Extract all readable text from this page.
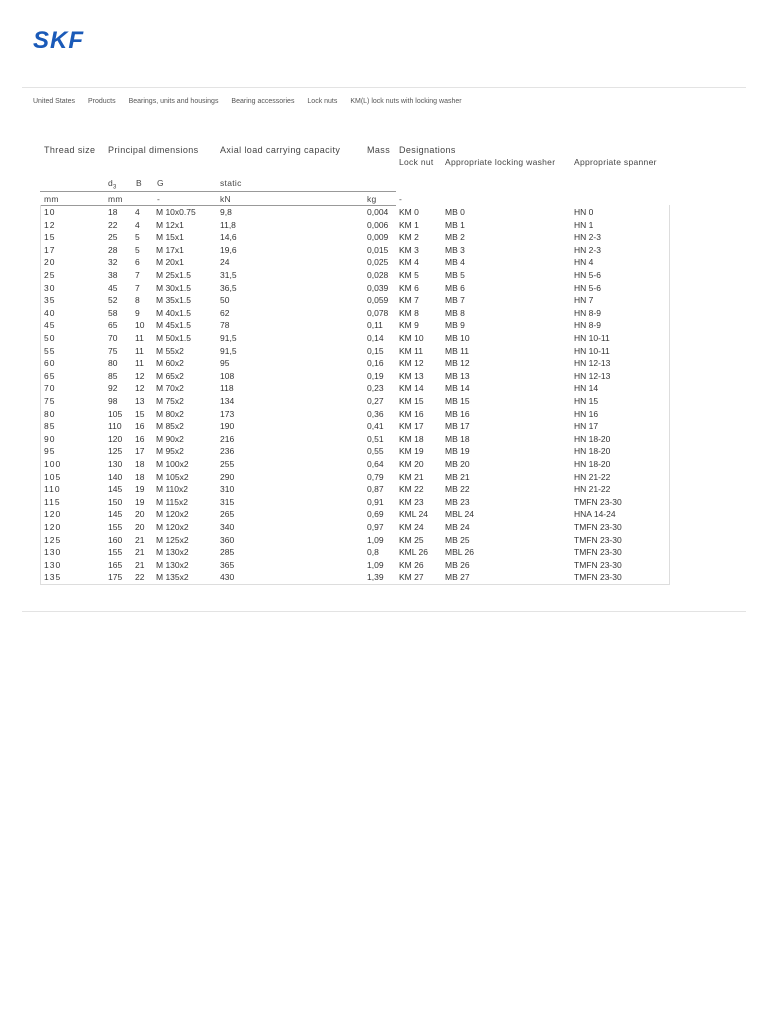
SKF
United States Products Bearings, units and housings Bearing accessories Lock nuts KM(L) lock nuts with locking washer
Thread size Principal dimensions Axial load carrying capacity	Mass Designations
Lock nut Appropriate locking washer Appropriate spanner
$d_3$ B G	static
mm	mm	-	kN	kg	-
10	18 4 M 10x0.75	9,8	0,004 KM 0	MB 0	HN 0
12	22 4 M 12x1	11,8	0,006 KM 1	MB 1	HN 1
15	25 5 M 15x1	14,6	0,009 KM 2	MB 2	HN 2-3
17	28 5 M 17x1	19,6	0,015 KM 3	MB 3	HN 2-3
20	32 6 M 20x1	24	0,025 KM 4	MB 4	HN 4
25	38 7 M 25x1.5	31,5	0,028 KM 5	MB 5	HN 5-6
30	45 7 M 30x1.5	36,5	0,039 KM 6	MB 6	HN 5-6
35	52 8 M 35x1.5	50	0,059 KM 7	MB 7	HN 7
40	58 9 M 40x1.5	62	0,078 KM 8	MB 8	HN 8-9
45	65 10 M 45x1.5	78	0,11 KM 9	MB 9	HN 8-9
50	70 11 M 50x1.5	91,5	0,14 KM 10	MB 10	HN 10-11
55	75 11 M 55x2	91,5	0,15 KM 11	MB 11	HN 10-11
60	80 11 M 60x2	95	0,16 KM 12	MB 12	HN 12-13
65	85 12 M 65x2	108	0,19 KM 13	MB 13	HN 12-13
70	92 12 M 70x2	118	0,23 KM 14	MB 14	HN 14
75	98 13 M 75x2	134	0,27 KM 15	MB 15	HN 15
80	105 15 M 80x2	173	0,36 KM 16	MB 16	HN 16
85	110 16 M 85x2	190	0,41 KM 17	MB 17	HN 17
90	120 16 M 90x2	216	0,51 KM 18	MB 18	HN 18-20
95	125 17 M 95x2	236	0,55 KM 19	MB 19	HN 18-20
100	130 18 M 100x2	255	0,64 KM 20	MB 20	HN 18-20
105	140 18 M 105x2	290	0,79 KM 21	MB 21	HN 21-22
110	145 19 M 110x2	310	0,87 KM 22	MB 22	HN 21-22
115	150 19 M 115x2	315	0,91 KM 23	MB 23	TMFN 23-30
120	145 20 M 120x2	265	0,69 KML 24 MBL 24	HNA 14-24
120	155 20 M 120x2	340	0,97 KM 24	MB 24	TMFN 23-30
125	160 21 M 125x2	360	1,09 KM 25	MB 25	TMFN 23-30
130	155 21 M 130x2	285	0,8 KML 26 MBL 26	TMFN 23-30
130	165 21 M 130x2	365	1,09 KM 26	MB 26	TMFN 23-30
135	175 22 M 135x2	430	1,39 KM 27	MB 27	TMFN 23-30
